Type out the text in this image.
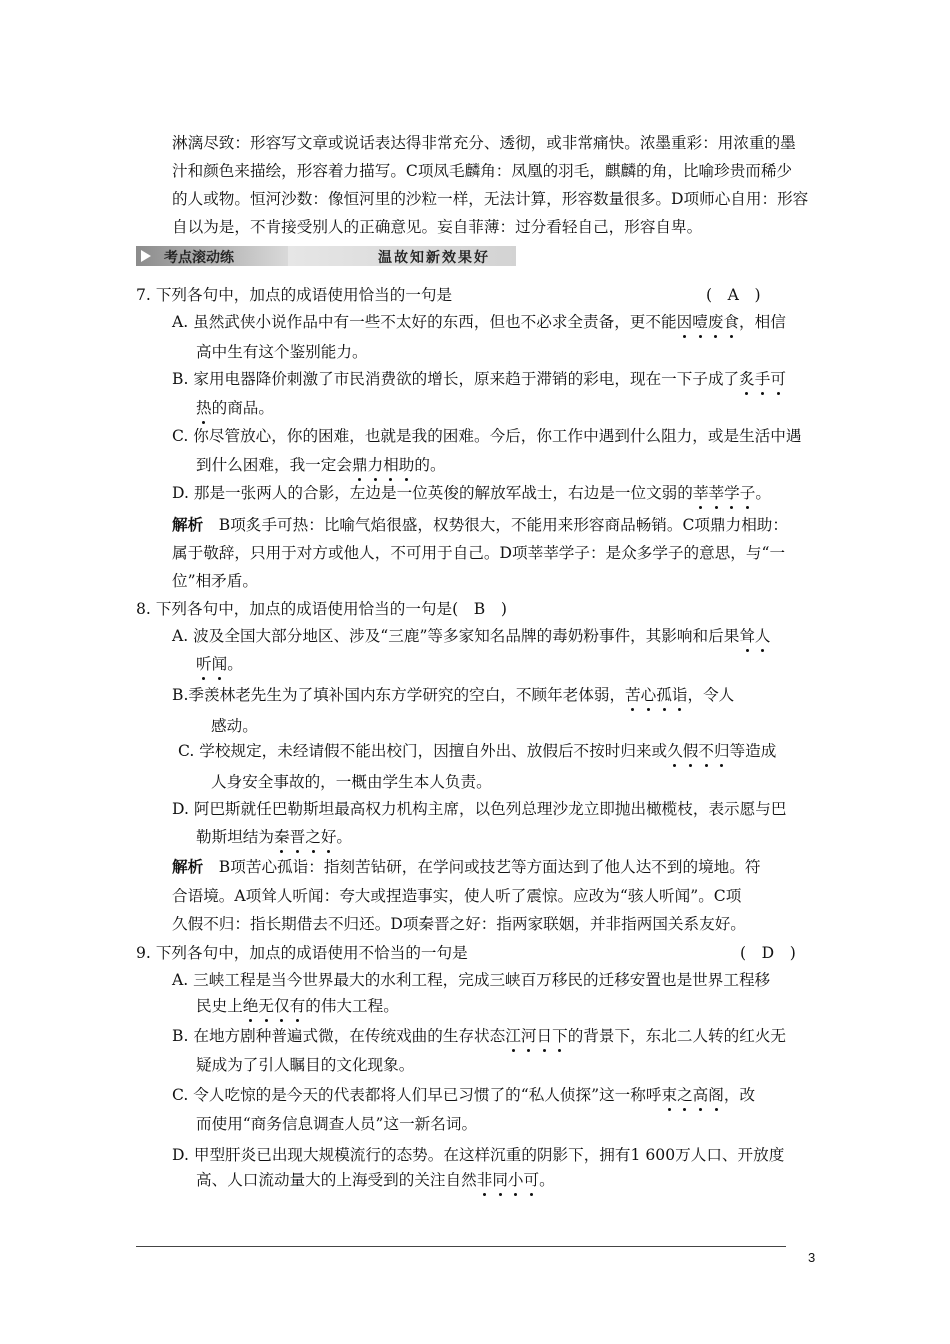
淋漓尽致：形容写文章或说话表达得非常充分、透彻，或非常痛快。浓墨重彩：用浓重的墨
汁和颜色来描绘，形容着力描写。C项凤毛麟角：凤凰的羽毛，麒麟的角，比喻珍贵而稀少
的人或物。恒河沙数：像恒河里的沙粒一样，无法计算，形容数量很多。D项师心自用：形容
自以为是，不肯接受别人的正确意见。妄自菲薄：过分看轻自己，形容自卑。
考点滚动练	温故知新效果好
7. 下列各句中，加点的成语使用恰当的一句是	(　A　)
A. 虽然武侠小说作品中有一些不太好的东西，但也不必求全责备，更不能因噎废食，相信
高中生有这个鉴别能力。
B. 家用电器降价刺激了市民消费欲的增长，原来趋于滞销的彩电，现在一下子成了炙手可
热的商品。
C. 你尽管放心，你的困难，也就是我的困难。今后，你工作中遇到什么阻力，或是生活中遇
到什么困难，我一定会鼎力相助的。
D. 那是一张两人的合影，左边是一位英俊的解放军战士，右边是一位文弱的莘莘学子。
解析　B项炙手可热：比喻气焰很盛，权势很大，不能用来形容商品畅销。C项鼎力相助：
属于敬辞，只用于对方或他人，不可用于自己。D项莘莘学子：是众多学子的意思，与“一
位”相矛盾。
8. 下列各句中，加点的成语使用恰当的一句是(　B　)
A. 波及全国大部分地区、涉及“三鹿”等多家知名品牌的毒奶粉事件，其影响和后果耸人
听闻。
B.季羡林老先生为了填补国内东方学研究的空白，不顾年老体弱，苦心孤诣，令人
感动。
C. 学校规定，未经请假不能出校门，因擅自外出、放假后不按时归来或久假不归等造成
人身安全事故的，一概由学生本人负责。
D. 阿巴斯就任巴勒斯坦最高权力机构主席，以色列总理沙龙立即抛出橄榄枝，表示愿与巴
勒斯坦结为秦晋之好。
解析　B项苦心孤诣：指刻苦钻研，在学问或技艺等方面达到了他人达不到的境地。符
合语境。A项耸人听闻：夸大或捏造事实，使人听了震惊。应改为“骇人听闻”。C项
久假不归：指长期借去不归还。D项秦晋之好：指两家联姻，并非指两国关系友好。
9. 下列各句中，加点的成语使用不恰当的一句是	(　D　)
A. 三峡工程是当今世界最大的水利工程，完成三峡百万移民的迁移安置也是世界工程移
民史上绝无仅有的伟大工程。
B. 在地方剧种普遍式微，在传统戏曲的生存状态江河日下的背景下，东北二人转的红火无
疑成为了引人瞩目的文化现象。
C. 令人吃惊的是今天的代表都将人们早已习惯了的“私人侦探”这一称呼束之高阁，改
而使用“商务信息调查人员”这一新名词。
D. 甲型肝炎已出现大规模流行的态势。在这样沉重的阴影下，拥有1 600万人口、开放度
高、人口流动量大的上海受到的关注自然非同小可。
3
